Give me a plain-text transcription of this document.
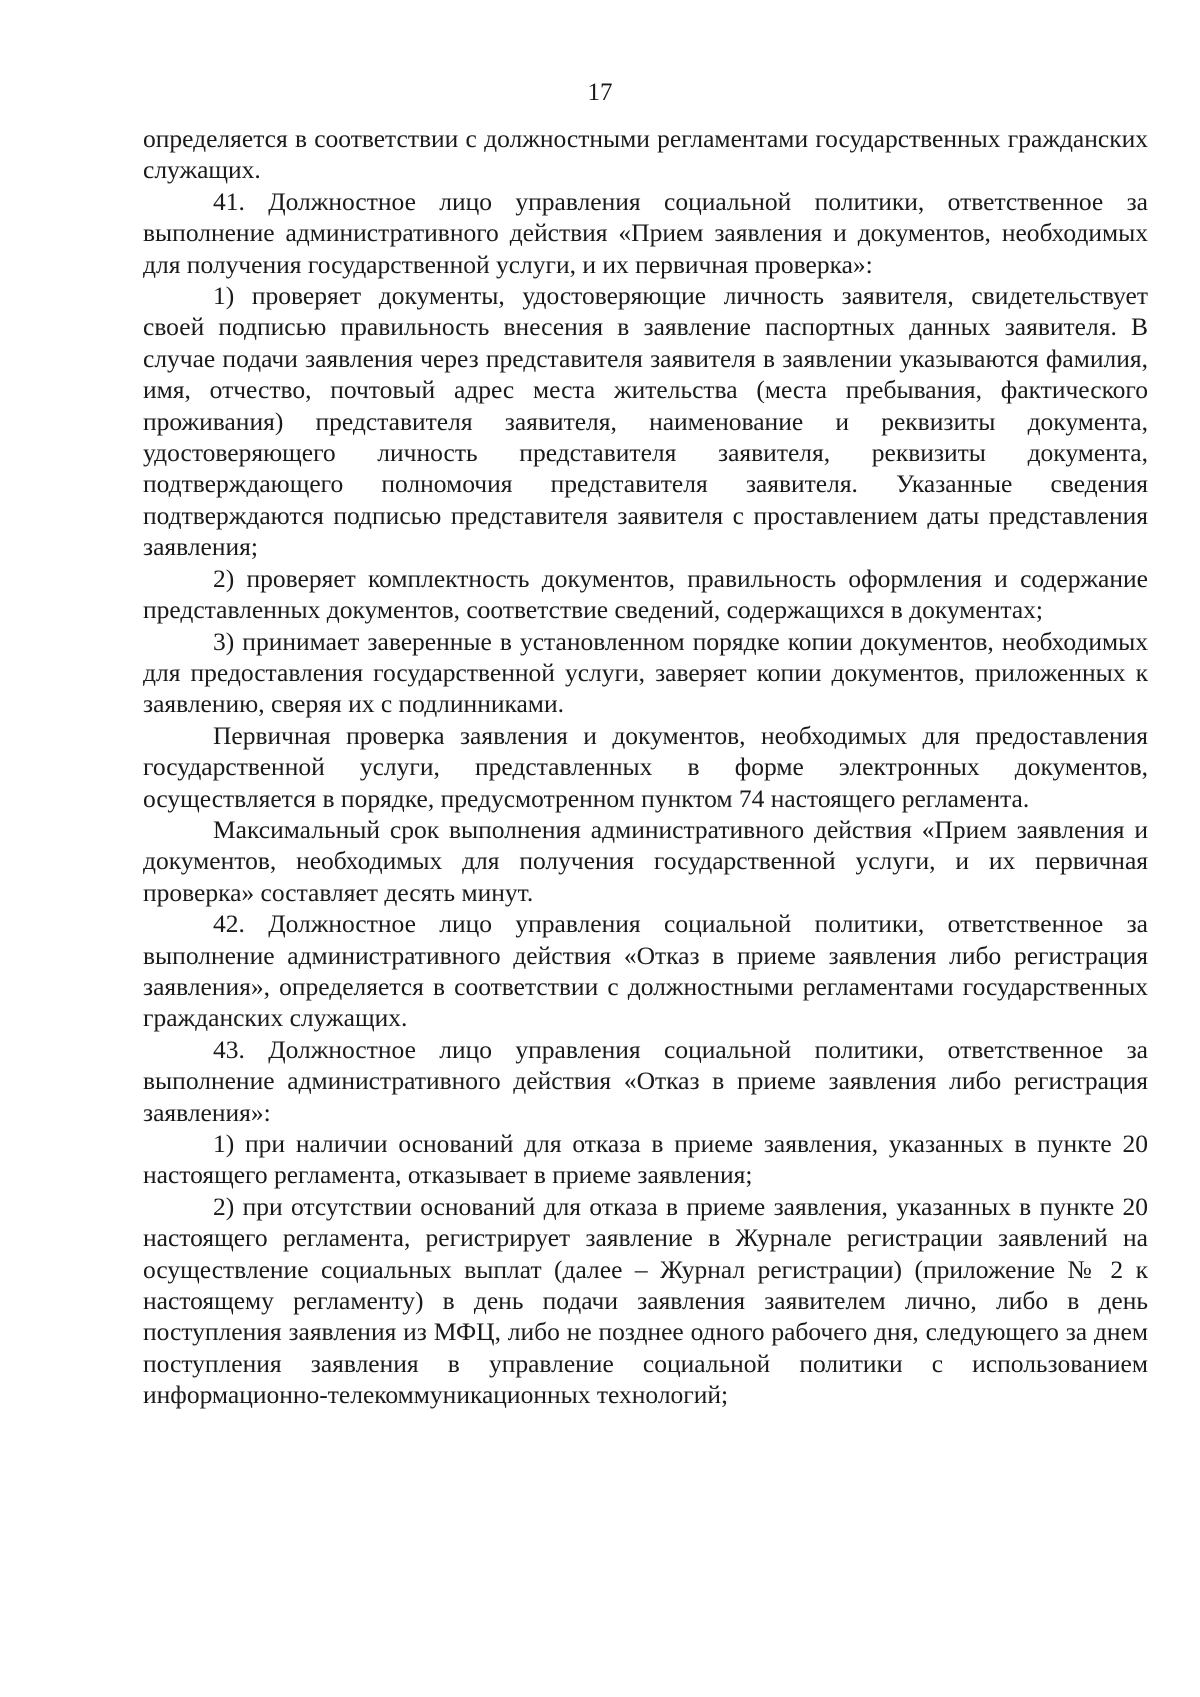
17

определяется в соответствии с должностными регламентами государственных гражданских служащих.

41. Должностное лицо управления социальной политики, ответственное за выполнение административного действия «Прием заявления и документов, необходимых для получения государственной услуги, и их первичная проверка»:

1) проверяет документы, удостоверяющие личность заявителя, свидетельствует своей подписью правильность внесения в заявление паспортных данных заявителя. В случае подачи заявления через представителя заявителя в заявлении указываются фамилия, имя, отчество, почтовый адрес места жительства (места пребывания, фактического проживания) представителя заявителя, наименование и реквизиты документа, удостоверяющего личность представителя заявителя, реквизиты документа, подтверждающего полномочия представителя заявителя. Указанные сведения подтверждаются подписью представителя заявителя с проставлением даты представления заявления;

2) проверяет комплектность документов, правильность оформления и содержание представленных документов, соответствие сведений, содержащихся в документах;

3) принимает заверенные в установленном порядке копии документов, необходимых для предоставления государственной услуги, заверяет копии документов, приложенных к заявлению, сверяя их с подлинниками.

Первичная проверка заявления и документов, необходимых для предоставления государственной услуги, представленных в форме электронных документов, осуществляется в порядке, предусмотренном пунктом 74 настоящего регламента.

Максимальный срок выполнения административного действия «Прием заявления и документов, необходимых для получения государственной услуги, и их первичная проверка» составляет десять минут.

42. Должностное лицо управления социальной политики, ответственное за выполнение административного действия «Отказ в приеме заявления либо регистрация заявления», определяется в соответствии с должностными регламентами государственных гражданских служащих.

43. Должностное лицо управления социальной политики, ответственное за выполнение административного действия «Отказ в приеме заявления либо регистрация заявления»:

1) при наличии оснований для отказа в приеме заявления, указанных в пункте 20 настоящего регламента, отказывает в приеме заявления;

2) при отсутствии оснований для отказа в приеме заявления, указанных в пункте 20 настоящего регламента, регистрирует заявление в Журнале регистрации заявлений на осуществление социальных выплат (далее – Журнал регистрации) (приложение № 2 к настоящему регламенту) в день подачи заявления заявителем лично, либо в день поступления заявления из МФЦ, либо не позднее одного рабочего дня, следующего за днем поступления заявления в управление социальной политики с использованием информационно-телекоммуникационных технологий;
